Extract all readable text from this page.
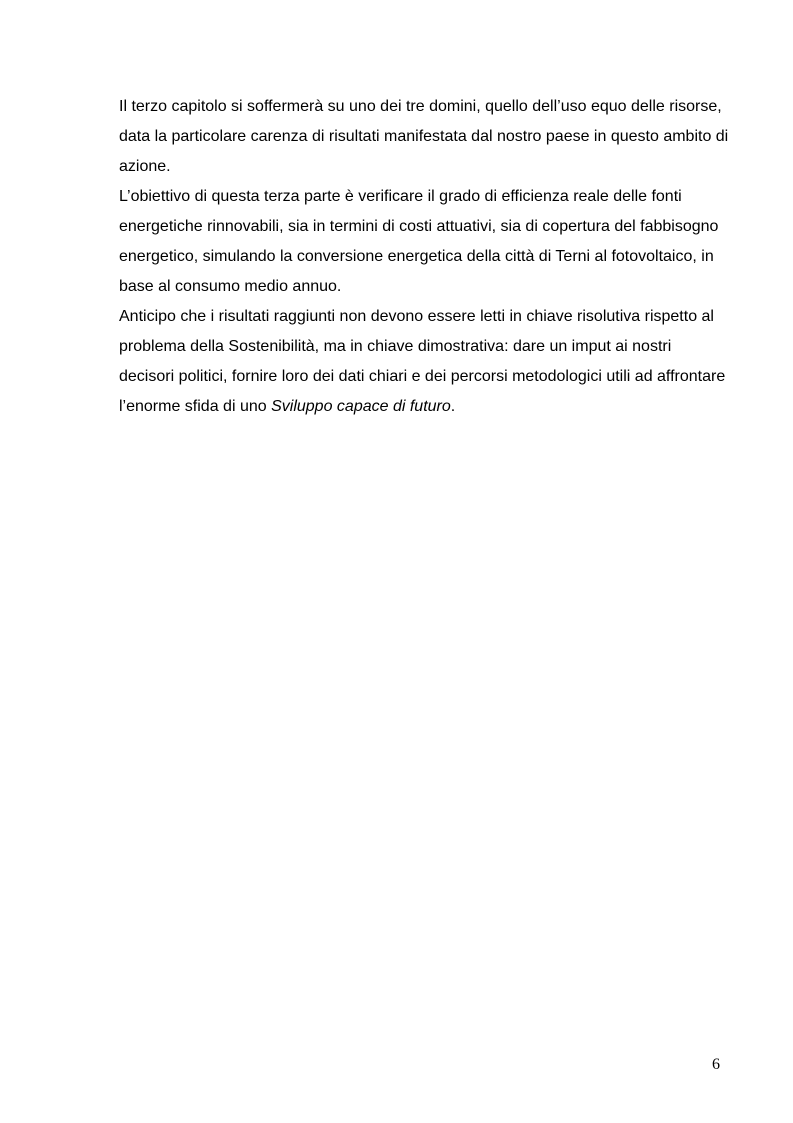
Il terzo capitolo si soffermerà su uno dei tre domini, quello dell’uso equo delle risorse, data la particolare carenza di risultati manifestata dal nostro paese in questo ambito di azione.

L’obiettivo di questa terza parte è verificare il grado di efficienza reale delle fonti energetiche rinnovabili, sia in termini di costi attuativi, sia di copertura del fabbisogno energetico, simulando la conversione energetica della città di Terni al fotovoltaico, in base al consumo medio annuo.

Anticipo che i risultati raggiunti non devono essere letti in chiave risolutiva rispetto al problema della Sostenibilità, ma in chiave dimostrativa: dare un imput ai nostri decisori politici, fornire loro dei dati chiari e dei percorsi metodologici utili ad affrontare l’enorme sfida di uno Sviluppo capace di futuro.

6
